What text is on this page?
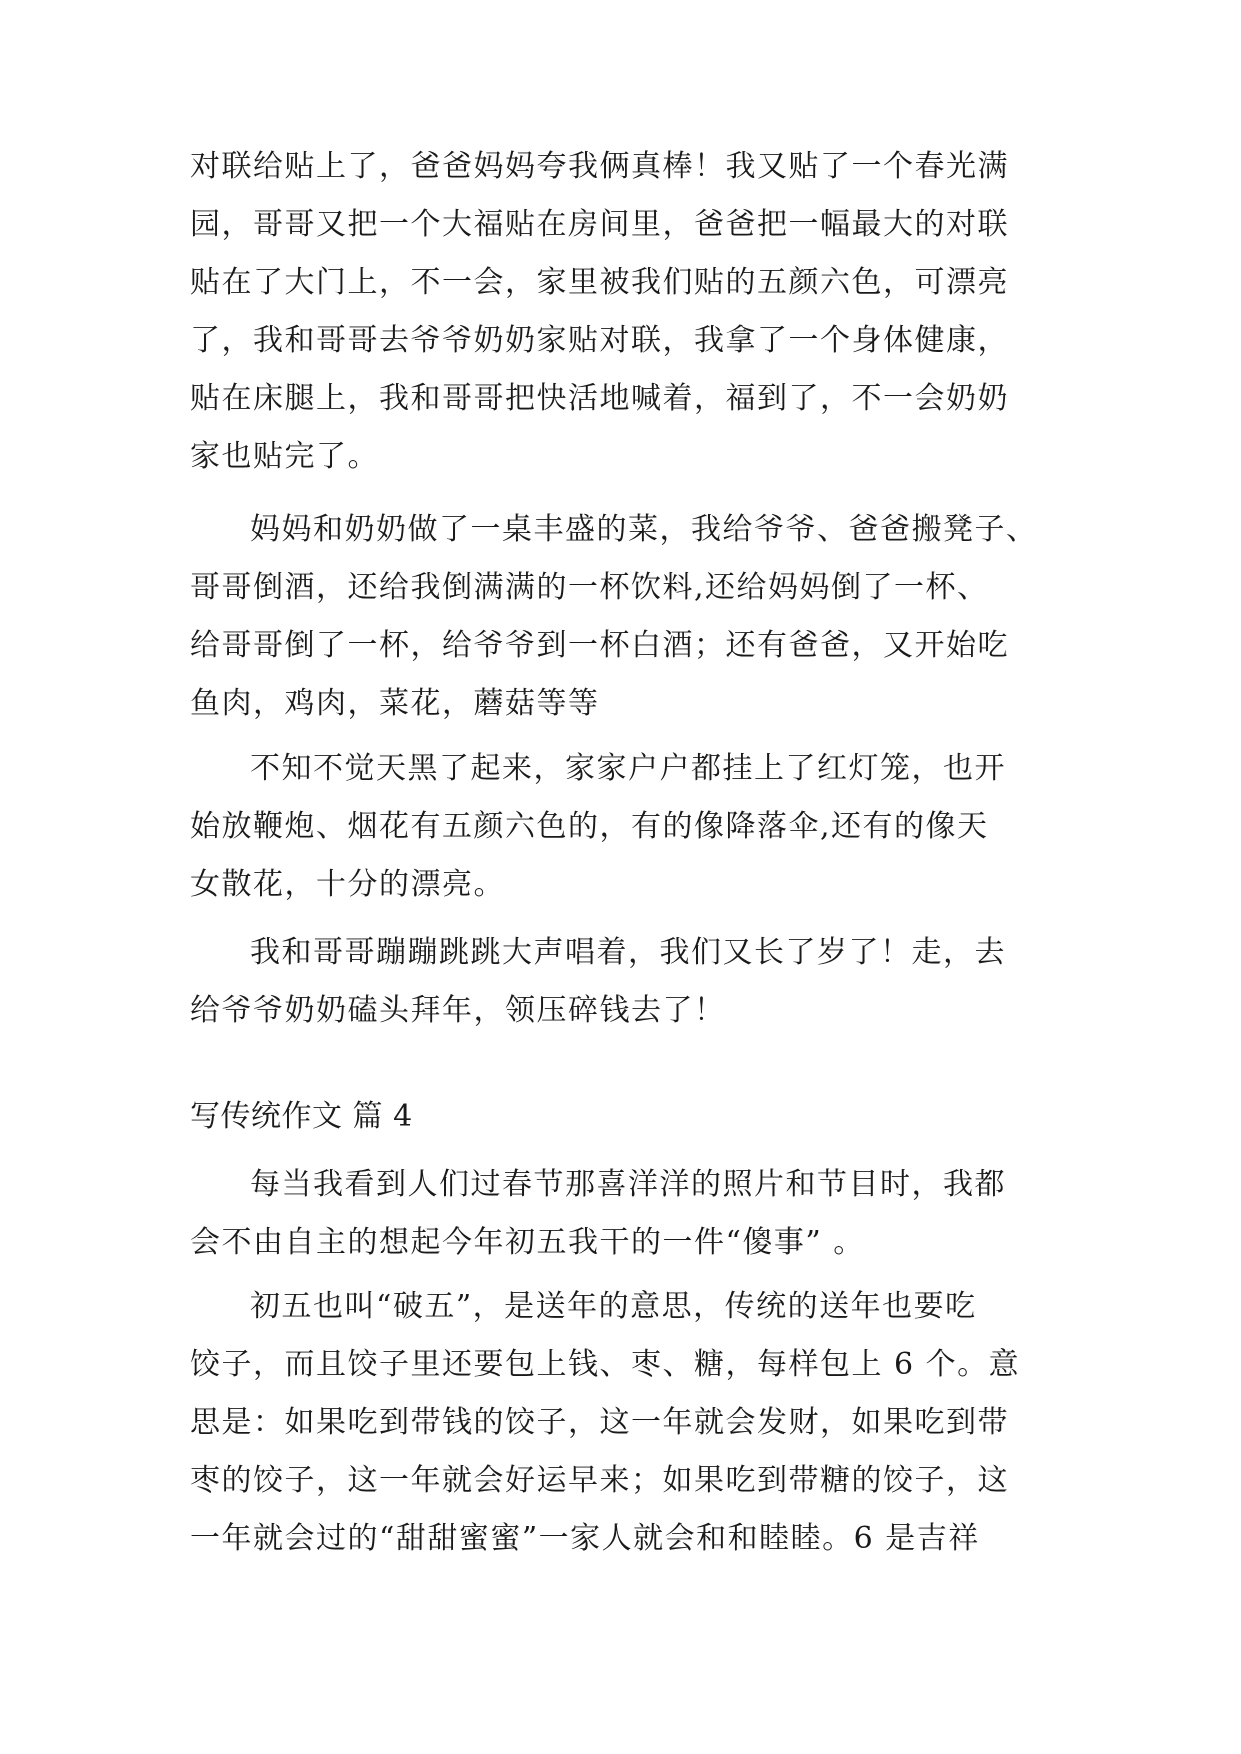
对联给贴上了，爸爸妈妈夸我俩真棒！我又贴了一个春光满
园，哥哥又把一个大福贴在房间里，爸爸把一幅最大的对联
贴在了大门上，不一会，家里被我们贴的五颜六色，可漂亮
了，我和哥哥去爷爷奶奶家贴对联，我拿了一个身体健康，
贴在床腿上，我和哥哥把快活地喊着，福到了，不一会奶奶
家也贴完了。
妈妈和奶奶做了一桌丰盛的菜，我给爷爷、爸爸搬凳子、
哥哥倒酒，还给我倒满满的一杯饮料,还给妈妈倒了一杯、
给哥哥倒了一杯，给爷爷到一杯白酒；还有爸爸，又开始吃
鱼肉，鸡肉，菜花，蘑菇等等
不知不觉天黑了起来，家家户户都挂上了红灯笼，也开
始放鞭炮、烟花有五颜六色的，有的像降落伞,还有的像天
女散花，十分的漂亮。
我和哥哥蹦蹦跳跳大声唱着，我们又长了岁了！走，去
给爷爷奶奶磕头拜年，领压碎钱去了！
写传统作文 篇 4
每当我看到人们过春节那喜洋洋的照片和节目时，我都
会不由自主的想起今年初五我干的一件“傻事” 。
初五也叫“破五”，是送年的意思，传统的送年也要吃
饺子，而且饺子里还要包上钱、枣、糖，每样包上 6 个。意
思是：如果吃到带钱的饺子，这一年就会发财，如果吃到带
枣的饺子，这一年就会好运早来；如果吃到带糖的饺子，这
一年就会过的“甜甜蜜蜜”一家人就会和和睦睦。6 是吉祥
